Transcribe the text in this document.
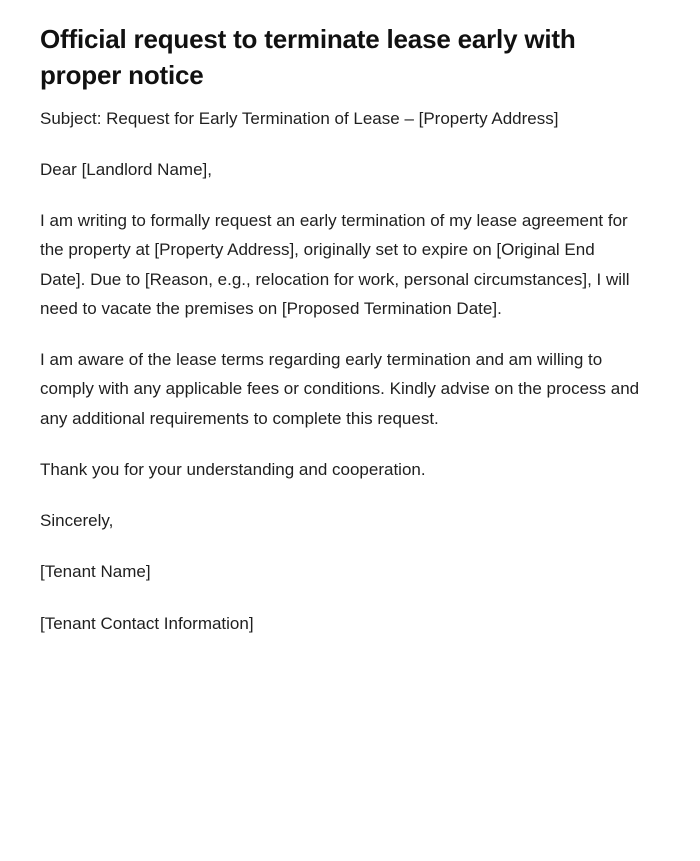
Official request to terminate lease early with proper notice

Subject: Request for Early Termination of Lease – [Property Address]

Dear [Landlord Name],

I am writing to formally request an early termination of my lease agreement for the property at [Property Address], originally set to expire on [Original End Date]. Due to [Reason, e.g., relocation for work, personal circumstances], I will need to vacate the premises on [Proposed Termination Date].

I am aware of the lease terms regarding early termination and am willing to comply with any applicable fees or conditions. Kindly advise on the process and any additional requirements to complete this request.

Thank you for your understanding and cooperation.

Sincerely,

[Tenant Name]

[Tenant Contact Information]
